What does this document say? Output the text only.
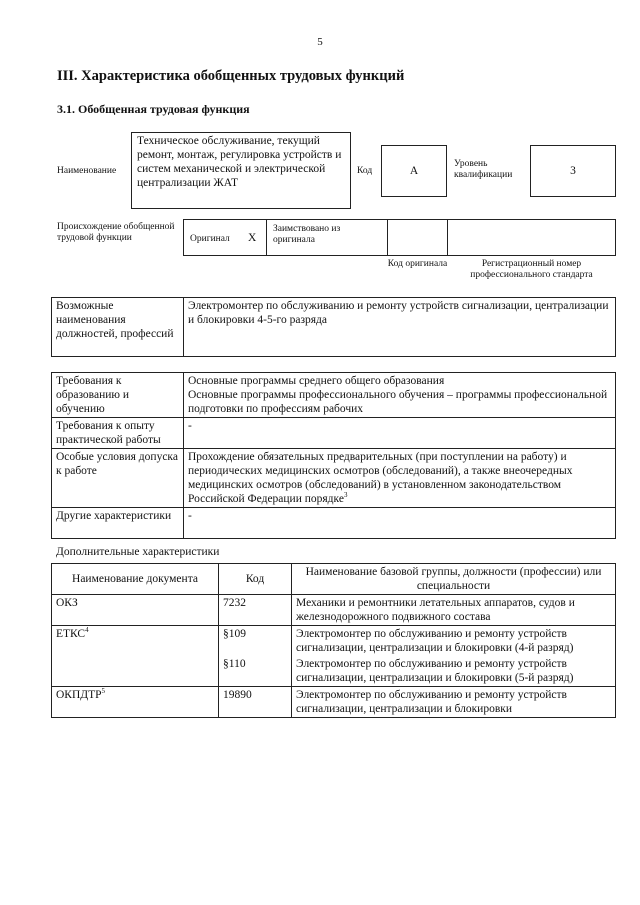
5
III. Характеристика обобщенных трудовых функций
3.1. Обобщенная трудовая функция
Наименование
Техническое обслуживание, текущий ремонт, монтаж, регулировка устройств и систем механической и электрической централизации ЖАТ
Код	А
Уровень квалификации	3
Происхождение обобщенной трудовой функции	Оригинал Х
Заимствовано из оригинала
Код оригинала	Регистрационный номер профессионального стандарта
Возможные наименования должностей, профессий	Электромонтер по обслуживанию и ремонту устройств сигнализации, централизации и блокировки 4-5-го разряда
Требования к образованию и обучению	Основные программы среднего общего образования
Основные программы профессионального обучения – программы профессиональной подготовки по профессиям рабочих
Требования к опыту практической работы	-
Особые условия допуска к работе	Прохождение обязательных предварительных (при поступлении на работу) и периодических медицинских осмотров (обследований), а также внеочередных медицинских осмотров (обследований) в установленном законодательством Российской Федерации порядке$^3$
Другие характеристики	-
Дополнительные характеристики
Наименование документа	Код	Наименование базовой группы, должности (профессии) или специальности
ОКЗ	7232	Механики и ремонтники летательных аппаратов, судов и железнодорожного подвижного состава
ЕТКС$^4$	§109	Электромонтер по обслуживанию и ремонту устройств сигнализации, централизации и блокировки (4-й разряд)
	§110	Электромонтер по обслуживанию и ремонту устройств сигнализации, централизации и блокировки (5-й разряд)
ОКПДТР$^5$	19890	Электромонтер по обслуживанию и ремонту устройств сигнализации, централизации и блокировки
